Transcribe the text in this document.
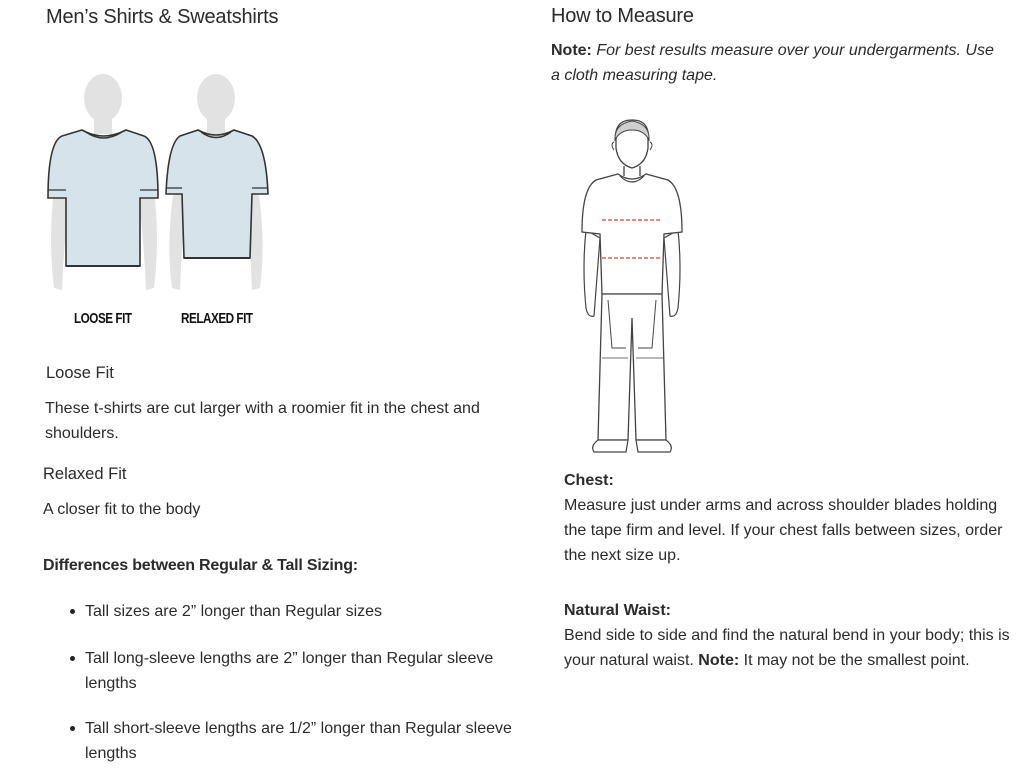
Men’s Shirts & Sweatshirts
LOOSE FIT	RELAXED FIT
Loose Fit
These t-shirts are cut larger with a roomier fit in the chest and shoulders.
Relaxed Fit
A closer fit to the body
Differences between Regular & Tall Sizing:
Tall sizes are 2” longer than Regular sizes
Tall long-sleeve lengths are 2” longer than Regular sleeve lengths
Tall short-sleeve lengths are 1/2” longer than Regular sleeve lengths
How to Measure
Note: For best results measure over your undergarments. Use a cloth measuring tape.
Chest:
Measure just under arms and across shoulder blades holding the tape firm and level. If your chest falls between sizes, order the next size up.
Natural Waist:
Bend side to side and find the natural bend in your body; this is your natural waist. Note: It may not be the smallest point.
